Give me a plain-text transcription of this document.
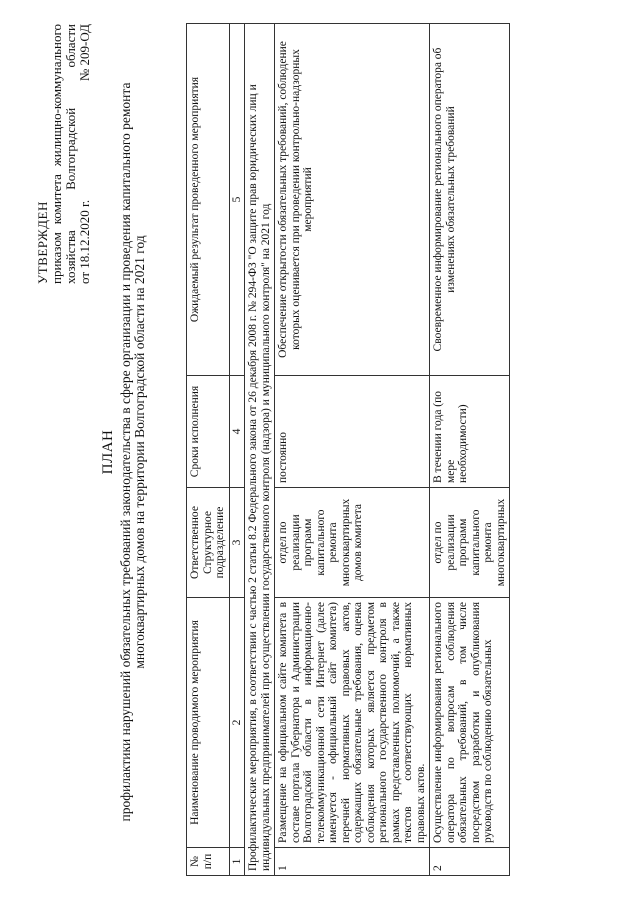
УТВЕРЖДЕН приказом комитета жилищно-коммунального хозяйства Волгоградской области от 18.12.2020 г.
№ 209-ОД
ПЛАН профилактики нарушений обязательных требований законодательства в сфере организации и проведения капитального ремонта многоквартирных домов на территории Волгоградской области на 2021 год
№ п/п	Наименование проводимого мероприятия	Ответственное Структурное подразделение	Сроки исполнения	Ожидаемый результат проведенного мероприятия
1	2	3	4	5
Профилактические мероприятия, в соответствии с частью 2 статьи 8.2 Федерального закона от 26 декабря 2008 г. № 294-ФЗ "О защите прав юридических лиц и индивидуальных предпринимателей при осуществлении государственного контроля (надзора) и муниципального контроля" на 2021 год				
1	Размещение на официальном сайте комитета в составе портала Губернатора и Администрации Волгоградской области в информационно-телекоммуникационной сети Интернет (далее именуется - официальный сайт комитета) перечней нормативных правовых актов, содержащих обязательные требования, оценка соблюдения которых является предметом регионального государственного контроля в рамках представленных полномочий, а также текстов соответствующих нормативных правовых актов.	отдел по реализации программ капитального ремонта многоквартирных домов комитета	постоянно	Обеспечение открытости обязательных требований, соблюдение которых оценивается при проведении контрольно-надзорных мероприятий
2	Осуществление информирования регионального оператора по вопросам соблюдения обязательных требований, в том числе посредством разработки и опубликования руководств по соблюдению обязательных	отдел по реализации программ капитального ремонта многоквартирных	В течении года (по мере необходимости)	Своевременное информирование регионального оператора об изменениях обязательных требований
